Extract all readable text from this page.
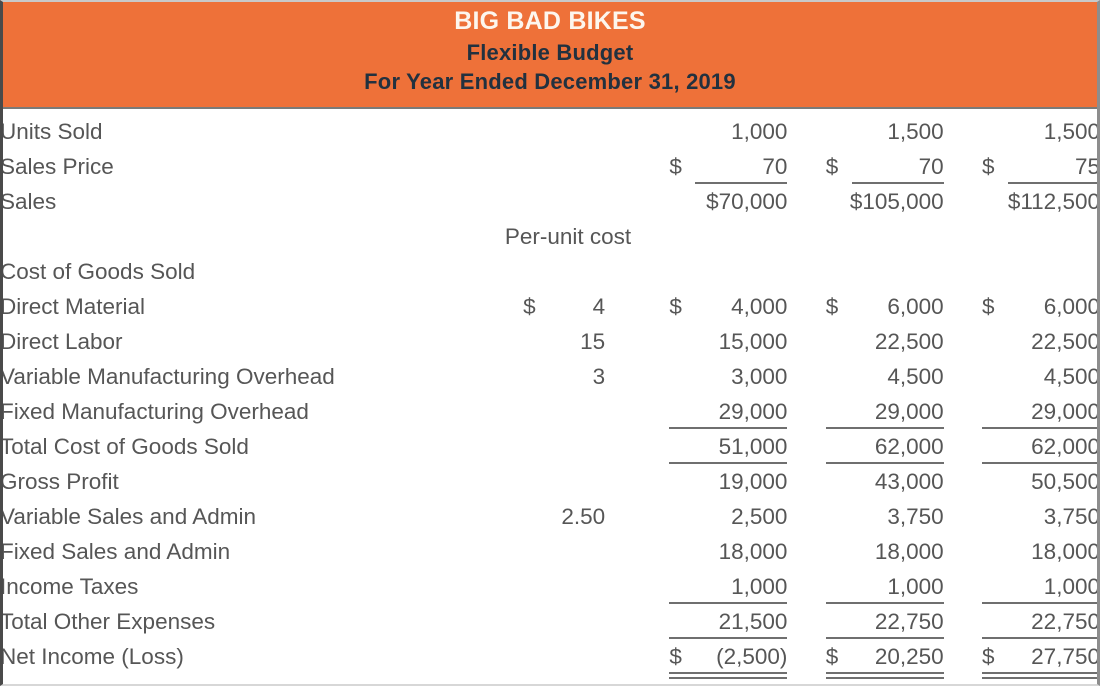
BIG BAD BIKES
Flexible Budget
For Year Ended December 31, 2019
Units Sold		1,000	1,500	1,500
Sales Price		$ 70	$ 70	$ 75
Sales		$70,000	$105,000	$112,500
	Per-unit cost			
Cost of Goods Sold				
Direct Material	$ 4	$ 4,000	$ 6,000	$ 6,000
Direct Labor	15	15,000	22,500	22,500
Variable Manufacturing Overhead	3	3,000	4,500	4,500
Fixed Manufacturing Overhead		29,000	29,000	29,000
Total Cost of Goods Sold		51,000	62,000	62,000
Gross Profit		19,000	43,000	50,500
Variable Sales and Admin	2.50	2,500	3,750	3,750
Fixed Sales and Admin		18,000	18,000	18,000
Income Taxes		1,000	1,000	1,000
Total Other Expenses		21,500	22,750	22,750
Net Income (Loss)		$ (2,500)	$ 20,250	$ 27,750
